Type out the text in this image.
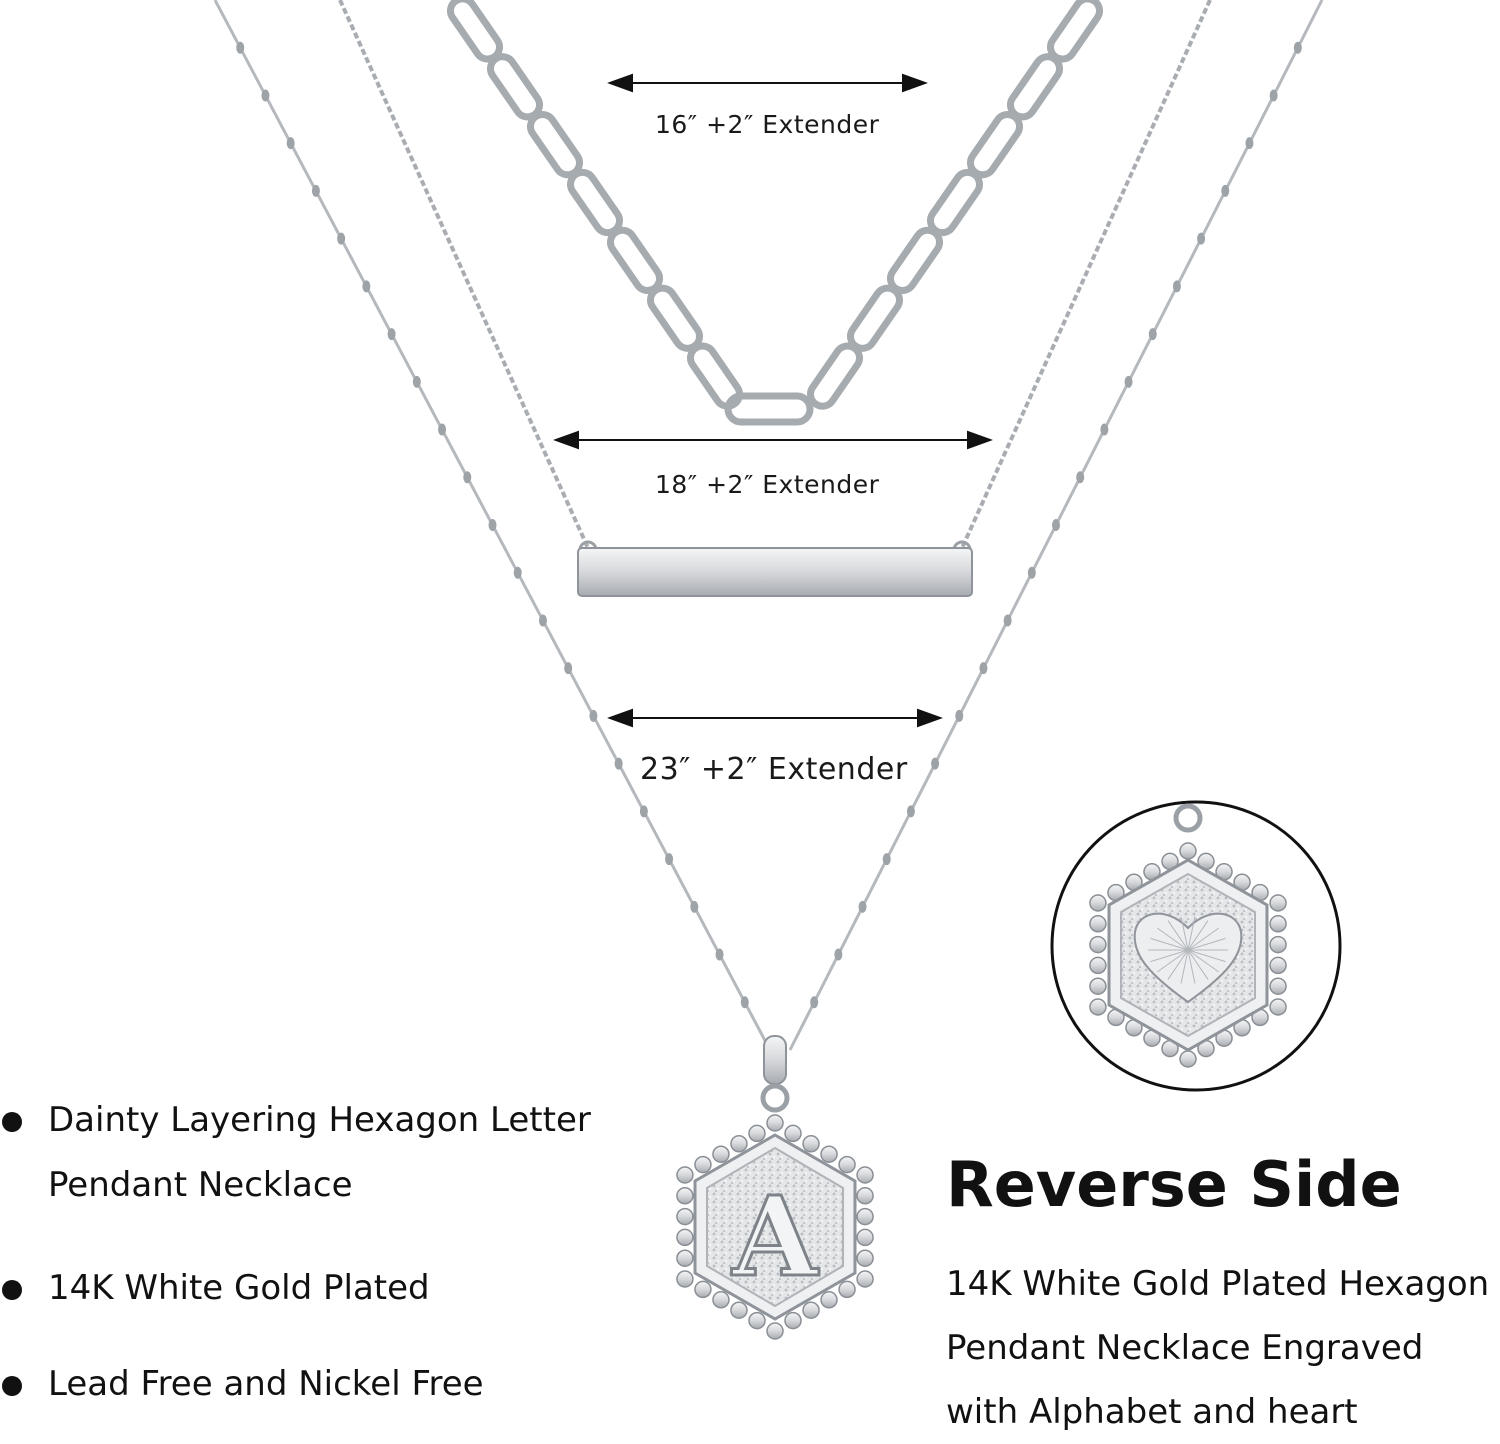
A
16″ +2″ Extender
18″ +2″ Extender
23″ +2″ Extender
Dainty Layering Hexagon Letter Pendant Necklace
14K White Gold Plated
Lead Free and Nickel Free
Reverse Side
14K White Gold Plated Hexagon Pendant Necklace Engraved with Alphabet and heart
